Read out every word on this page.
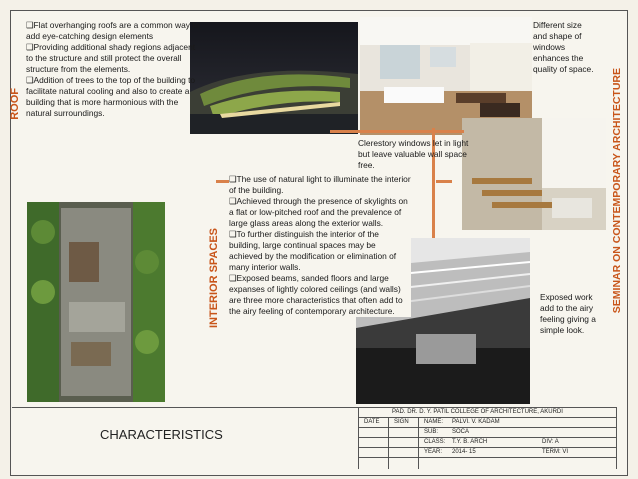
❑ Flat overhanging roofs are a common way to add eye-catching design elements

❑ Providing additional shady regions adjacent to the structure and still protect the overall structure from the elements.

❑ Addition of trees to the top of the building to facilitate natural cooling and also to create a building that is more harmonious with the natural surroundings.

ROOF

❑ The use of natural light to illuminate the interior of the building.

❑ Achieved through the presence of skylights on a flat or low-pitched roof and the prevalence of large glass areas along the exterior walls.

❑ To further distinguish the interior of the building, large continual spaces may be achieved by the modification or elimination of many interior walls.

❑ Exposed beams, sanded floors and large expanses of lightly colored ceilings (and walls) are three more characteristics that often add to the airy feeling of contemporary architecture.

INTERIOR SPACES
Different size and shape of windows enhances the quality of space.
Clerestory windows let in light but leave valuable wall space free.
Exposed work add to the airy feeling giving a simple look.
SEMINAR ON CONTEMPORARY ARCHITECTURE
CHARACTERISTICS
PAD. DR. D. Y. PATIL COLLEGE OF ARCHITECTURE, AKURDI
DATE SIGN	NAME: PALVI. V. KADAM
SUB: SOCA
CLASS: T.Y. B. ARCH	DIV: A
YEAR: 2014- 15	TERM: VI
